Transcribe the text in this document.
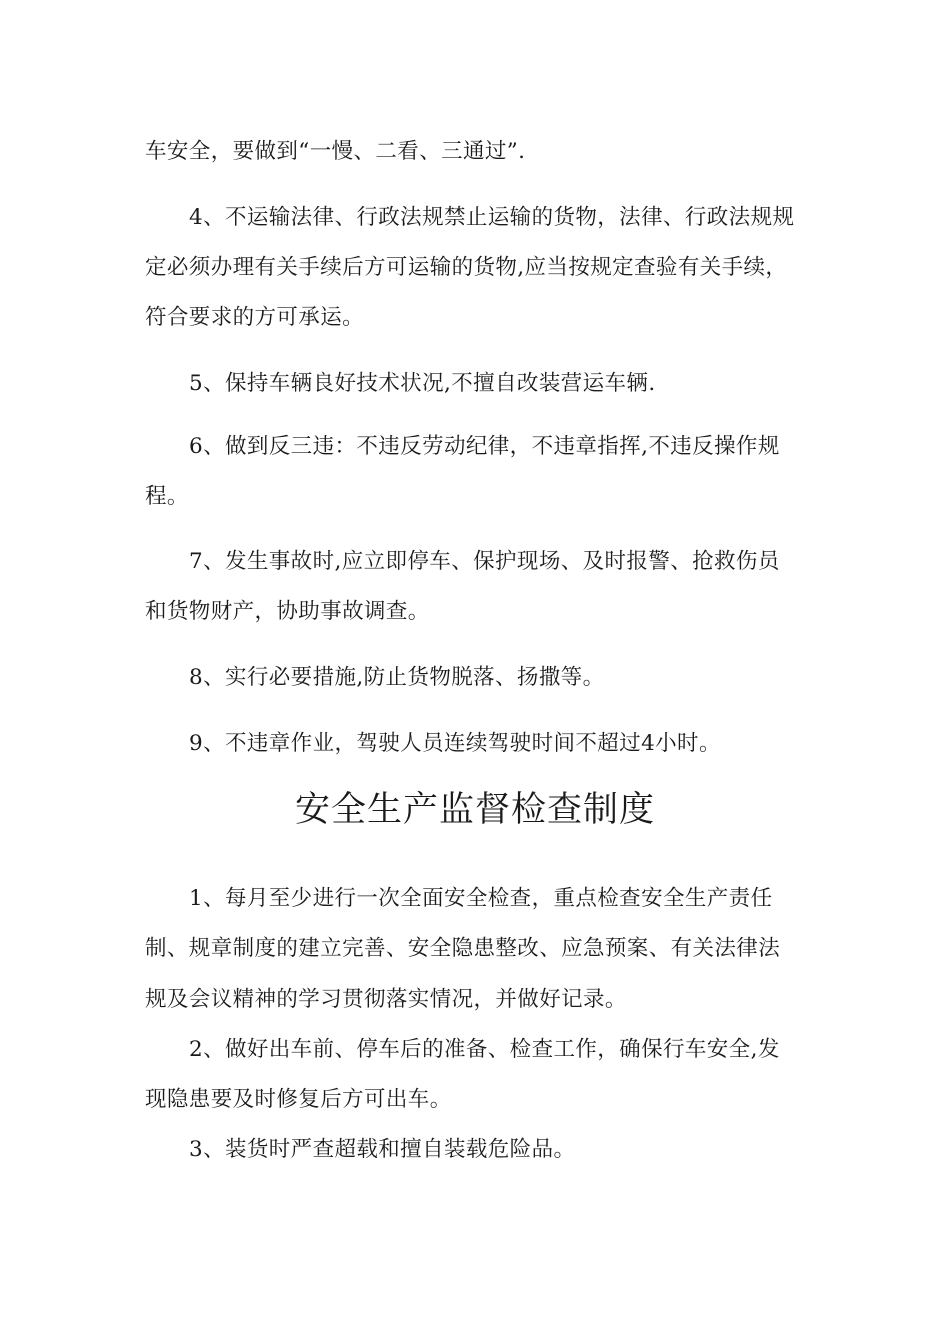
车安全，要做到“一慢、二看、三通过”.
4、不运输法律、行政法规禁止运输的货物，法律、行政法规规
定必须办理有关手续后方可运输的货物,应当按规定查验有关手续，
符合要求的方可承运。
5、保持车辆良好技术状况,不擅自改装营运车辆.
6、做到反三违：不违反劳动纪律，不违章指挥,不违反操作规
程。
7、发生事故时,应立即停车、保护现场、及时报警、抢救伤员
和货物财产，协助事故调查。
8、实行必要措施,防止货物脱落、扬撒等。
9、不违章作业，驾驶人员连续驾驶时间不超过4小时。
安全生产监督检查制度
1、每月至少进行一次全面安全检查，重点检查安全生产责任
制、规章制度的建立完善、安全隐患整改、应急预案、有关法律法
规及会议精神的学习贯彻落实情况，并做好记录。
2、做好出车前、停车后的准备、检查工作，确保行车安全,发
现隐患要及时修复后方可出车。
3、装货时严查超载和擅自装载危险品。
